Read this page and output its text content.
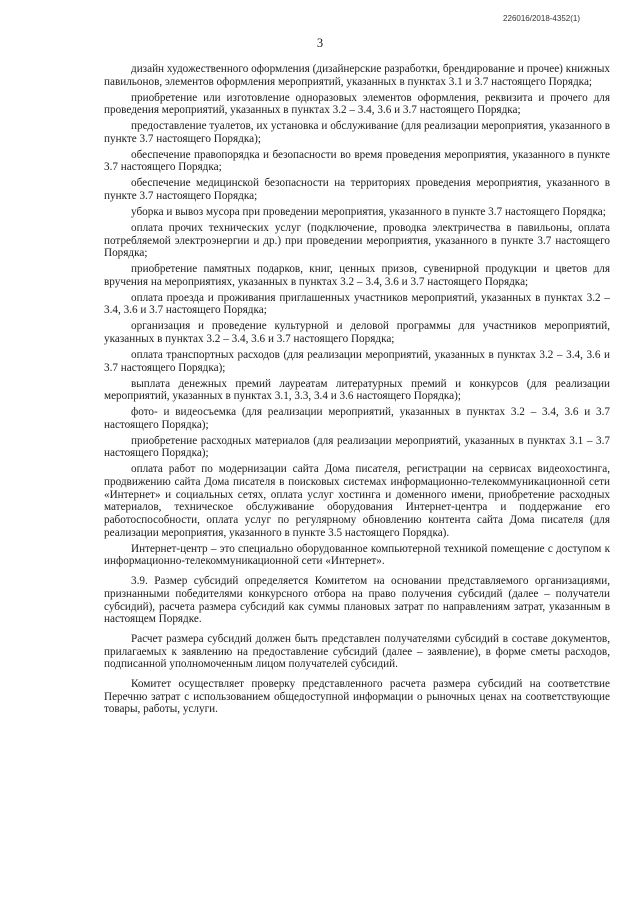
226016/2018-4352(1)
3

дизайн художественного оформления (дизайнерские разработки, брендирование и прочее) книжных павильонов, элементов оформления мероприятий, указанных в пунктах 3.1 и 3.7 настоящего Порядка;

приобретение или изготовление одноразовых элементов оформления, реквизита и прочего для проведения мероприятий, указанных в пунктах 3.2 – 3.4, 3.6 и 3.7 настоящего Порядка;

предоставление туалетов, их установка и обслуживание (для реализации мероприятия, указанного в пункте 3.7 настоящего Порядка);

обеспечение правопорядка и безопасности во время проведения мероприятия, указанного в пункте 3.7 настоящего Порядка;

обеспечение медицинской безопасности на территориях проведения мероприятия, указанного в пункте 3.7 настоящего Порядка;

уборка и вывоз мусора при проведении мероприятия, указанного в пункте 3.7 настоящего Порядка;

оплата прочих технических услуг (подключение, проводка электричества в павильоны, оплата потребляемой электроэнергии и др.) при проведении мероприятия, указанного в пункте 3.7 настоящего Порядка;

приобретение памятных подарков, книг, ценных призов, сувенирной продукции и цветов для вручения на мероприятиях, указанных в пунктах 3.2 – 3.4, 3.6 и 3.7 настоящего Порядка;

оплата проезда и проживания приглашенных участников мероприятий, указанных в пунктах 3.2 – 3.4, 3.6 и 3.7 настоящего Порядка;

организация и проведение культурной и деловой программы для участников мероприятий, указанных в пунктах 3.2 – 3.4, 3.6 и 3.7 настоящего Порядка;

оплата транспортных расходов (для реализации мероприятий, указанных в пунктах 3.2 – 3.4, 3.6 и 3.7 настоящего Порядка);

выплата денежных премий лауреатам литературных премий и конкурсов (для реализации мероприятий, указанных в пунктах 3.1, 3.3, 3.4 и 3.6 настоящего Порядка);

фото- и видеосъемка (для реализации мероприятий, указанных в пунктах 3.2 – 3.4, 3.6 и 3.7 настоящего Порядка);

приобретение расходных материалов (для реализации мероприятий, указанных в пунктах 3.1 – 3.7 настоящего Порядка);

оплата работ по модернизации сайта Дома писателя, регистрации на сервисах видеохостинга, продвижению сайта Дома писателя в поисковых системах информационно-телекоммуникационной сети «Интернет» и социальных сетях, оплата услуг хостинга и доменного имени, приобретение расходных материалов, техническое обслуживание оборудования Интернет-центра и поддержание его работоспособности, оплата услуг по регулярному обновлению контента сайта Дома писателя (для реализации мероприятия, указанного в пункте 3.5 настоящего Порядка).

Интернет-центр – это специально оборудованное компьютерной техникой помещение с доступом к информационно-телекоммуникационной сети «Интернет».

3.9. Размер субсидий определяется Комитетом на основании представляемого организациями, признанными победителями конкурсного отбора на право получения субсидий (далее – получатели субсидий), расчета размера субсидий как суммы плановых затрат по направлениям затрат, указанным в настоящем Порядке.

Расчет размера субсидий должен быть представлен получателями субсидий в составе документов, прилагаемых к заявлению на предоставление субсидий (далее – заявление), в форме сметы расходов, подписанной уполномоченным лицом получателей субсидий.

Комитет осуществляет проверку представленного расчета размера субсидий на соответствие Перечню затрат с использованием общедоступной информации о рыночных ценах на соответствующие товары, работы, услуги.
